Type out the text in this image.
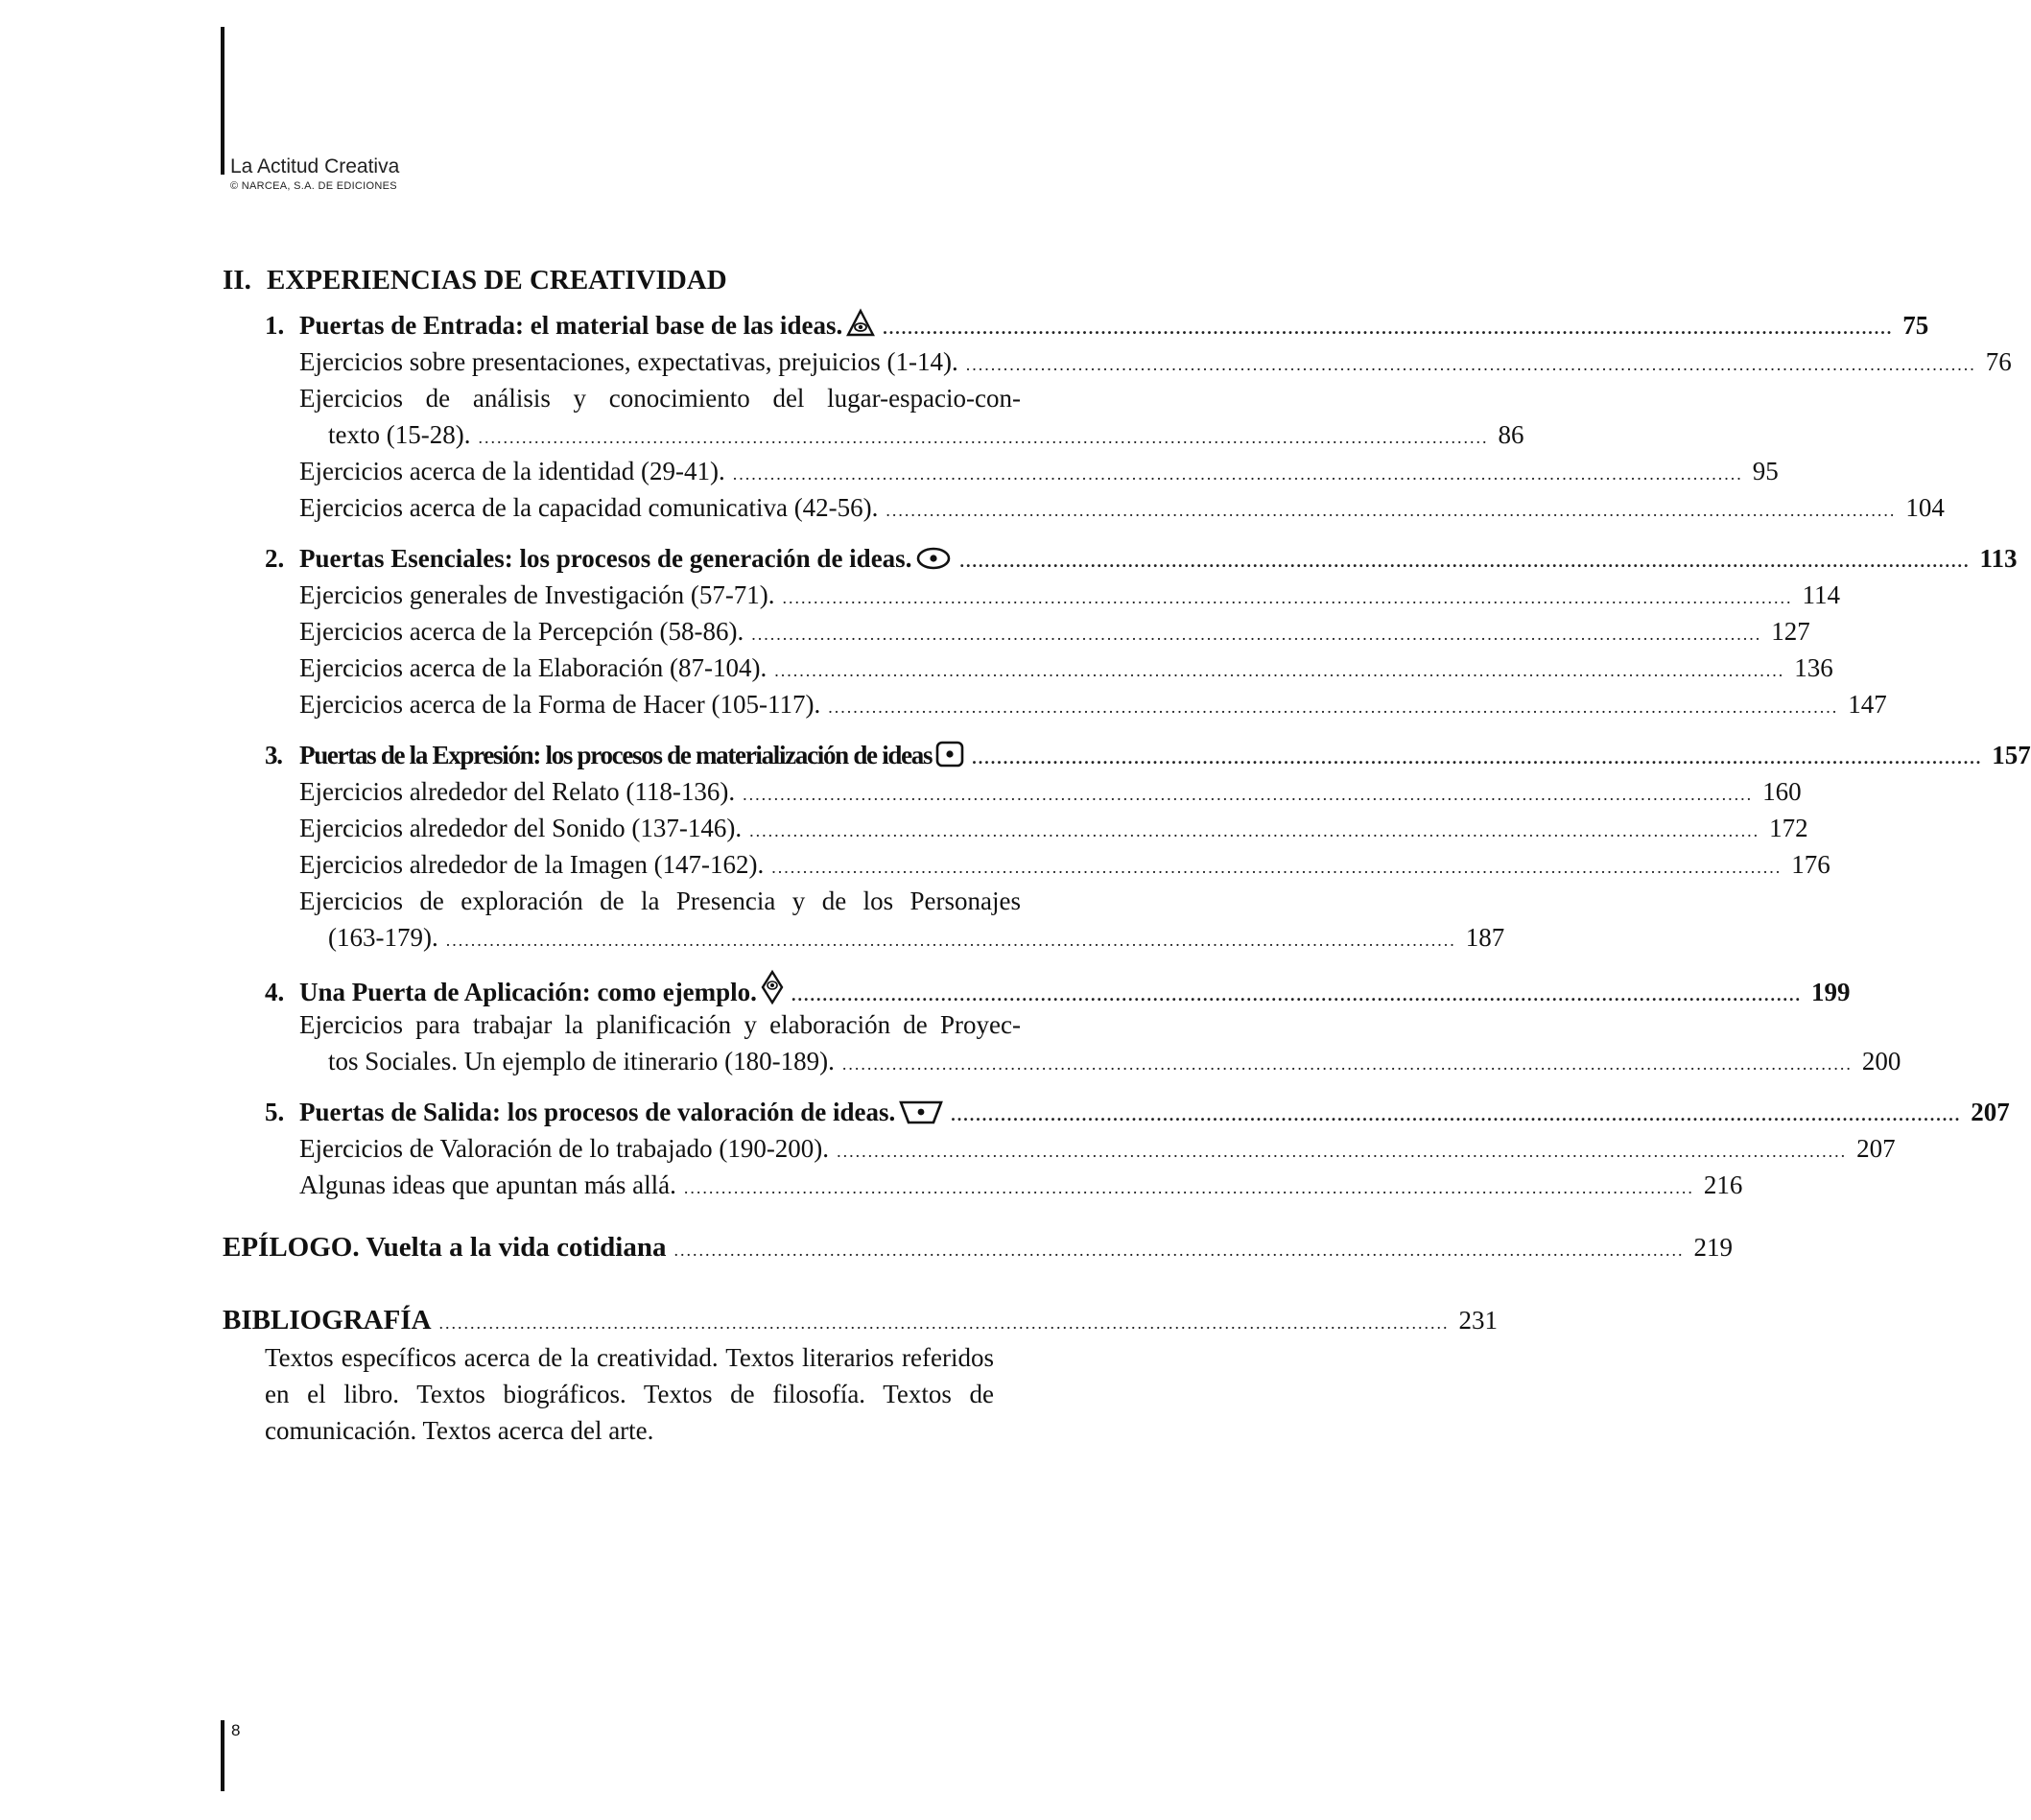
La Actitud Creativa
© NARCEA, S.A. DE EDICIONES
II. EXPERIENCIAS DE CREATIVIDAD
1. Puertas de Entrada: el material base de las ideas.	.................................................................................................................................................................. 75
Ejercicios sobre presentaciones, expectativas, prejuicios (1-14). .................................................................................................................................................................. 76
Ejercicios de análisis y conocimiento del lugar-espacio-con-
texto (15-28). .................................................................................................................................................................. 86
Ejercicios acerca de la identidad (29-41). .................................................................................................................................................................. 95
Ejercicios acerca de la capacidad comunicativa (42-56). .................................................................................................................................................................. 104
2. Puertas Esenciales: los procesos de generación de ideas.	.................................................................................................................................................................. 113
Ejercicios generales de Investigación (57-71). .................................................................................................................................................................. 114
Ejercicios acerca de la Percepción (58-86). .................................................................................................................................................................. 127
Ejercicios acerca de la Elaboración (87-104). .................................................................................................................................................................. 136
Ejercicios acerca de la Forma de Hacer (105-117). .................................................................................................................................................................. 147
3. Puertas de la Expresión: los procesos de materialización de ideas	.................................................................................................................................................................. 157
Ejercicios alrededor del Relato (118-136). .................................................................................................................................................................. 160
Ejercicios alrededor del Sonido (137-146). .................................................................................................................................................................. 172
Ejercicios alrededor de la Imagen (147-162). .................................................................................................................................................................. 176
Ejercicios de exploración de la Presencia y de los Personajes
(163-179). .................................................................................................................................................................. 187
4. Una Puerta de Aplicación: como ejemplo.	.................................................................................................................................................................. 199
Ejercicios para trabajar la planificación y elaboración de Proyec-
tos Sociales. Un ejemplo de itinerario (180-189). .................................................................................................................................................................. 200
5. Puertas de Salida: los procesos de valoración de ideas.	.................................................................................................................................................................. 207
Ejercicios de Valoración de lo trabajado (190-200). .................................................................................................................................................................. 207
Algunas ideas que apuntan más allá. .................................................................................................................................................................. 216
EPÍLOGO. Vuelta a la vida cotidiana .................................................................................................................................................................. 219
BIBLIOGRAFÍA .................................................................................................................................................................. 231
Textos específicos acerca de la creatividad. Textos literarios referidos en el libro. Textos biográficos. Textos de filosofía. Textos de comunicación. Textos acerca del arte.
8
